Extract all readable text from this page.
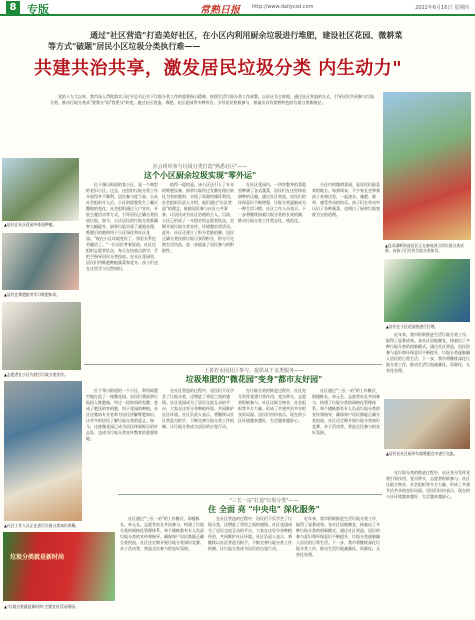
8 专版	常熟日报 http://www.dailycsd.com	2022年6月16日 星期四
通过"社区营造"打造美好社区，在小区内利用厨余垃圾进行堆肥，建设社区花园、微耕菜
等方式"破题"居民小区垃圾分类执行难——
共建共治共享，激发居民垃圾分类 内生动力"
党的十九大以来，我市深入贯彻落实习近平总书记关于垃圾分类工作的重要指示精神，按照生活垃圾分类工作部署，以社区为主阵地，通过社区营造的方式，引导居民共同参与垃圾分类，推动垃圾分类从"要我分"向"我要分"转变。通过社区营造、堆肥、社区花园等多种形式，引导居民积极参与，探索出具有常熟特色的垃圾分类新路径。
▲昆承湖畔街道居民正在参观展示的垃圾分类成果，向孩子们宣传垃圾分类知识。
▲居民在社区花园中体验种植。
▲居民在堆肥箱旁学习堆肥知识。
▲志愿者在小区内进行垃圾分类宣传。
▲社区工作人员正在进行垃圾分类知识讲解。
垃圾分类就是新时尚
▲"垃圾分类就是新时尚"主题宣传活动现场。
社会组织参与垃圾分类打造"熟悉社区"——
这个小区厨余垃圾实现"零外运"
位于虞山街道的某小区，是一个典型的老旧小区。过去，这里的垃圾分类工作开展得并不顺利，居民参与度不高。自从社会组织介入后，小区的面貌发生了翻天覆地的变化。社会组织通过入户宣传、开展主题活动等方式，引导居民正确分类投放垃圾。如今，小区居民的垃圾分类准确率大幅提升，厨余垃圾实现了就地处理，堆肥后的肥料用于小区绿化和社区花园。"现在小区环境变好了，邻里关系也更融洽了。"一位居民笑着说道。社区还组织志愿者队伍，每天在投放点值守，手把手指导居民分类投放。在社区花园里，居民们用堆肥种植蔬菜和花卉，孩子们也在这里学习自然知识。
值得一提的是，该小区还引入了专业的堆肥设备，厨余垃圾经过发酵处理后转化为有机肥料，实现了资源的循环利用。社会组织负责人介绍，他们通过"社区营造"的理念，鼓励居民参与社区公共事务，让居民成为社区治理的主人。目前，小区已形成了一支稳定的志愿者队伍，定期开展垃圾分类宣传、环境整治等活动。此外，社区还建立了积分奖励机制，居民正确分类投放垃圾可获得积分，积分可兑换生活用品，进一步提高了居民参与的积极性。
在社区花园内，一块块整齐的菜地里种满了各式蔬菜，居民们在这里体验耕种的乐趣。通过社区营造，居民们的环保意识不断增强，垃圾分类逐渐成为一种生活习惯。社区工作人员表示，下一步将继续探索垃圾分类的长效机制，推动垃圾分类工作常态化、规范化。
小区内的微耕菜园，是居民们最喜欢的地方。每到周末，不少家长会带着孩子来到这里，一起浇水、施肥、除草，感受劳动的快乐。孩子们在劳动中认识了各种蔬菜，也明白了厨余垃圾变废为宝的道理。
上善若水园社区参与，提供从干支类服务——
垃圾堆肥的"微花园"变身"都市友好园"
位于琴川街道的一个小区，利用闲置空地打造了一座微花园。居民们将厨余垃圾投入堆肥箱，经过一段时间的发酵，变成了肥沃的有机肥，用于花园的种植。社区还邀请专业老师为居民讲解堆肥知识，让更多的居民了解垃圾分类的意义。如今，这座微花园已成为居民休闲娱乐的好去处，也成为垃圾分类宣传教育的重要阵地。
在社区营造的过程中，居民们不仅学会了垃圾分类，还增进了邻里之间的感情。社区花园成为了居民交流互动的平台，大家在这里分享种植经验，共同维护社区环境。社区负责人表示，将继续以社区营造为抓手，不断完善垃圾分类工作机制，让垃圾分类成为居民的自觉行动。
在垃圾分类的推进过程中，社区充分发挥党建引领作用，党员带头，志愿者积极参与。社区还联合物业、社会组织等多方力量，形成了共建共治共享的良好局面。居民们纷纷表示，现在的小区环境越来越好，生活越来越舒心。
社区通过"三长一站"的工作模式，即楼栋长、单元长、志愿者站长共同参与，构建了垃圾分类的网格化管理体系。每个楼栋都有专人负责垃圾分类的宣传和指导，确保每户居民都能正确分类投放。社区还定期开展垃圾分类知识竞赛、亲子活动等，营造全民参与的良好氛围。
▲居民在小区花园里进行打理。
近年来，我市积极推进生活垃圾分类工作，取得了显著成效。各社区因地制宜，探索出了多种垃圾分类的创新模式。通过社区营造，居民的参与意识和环保意识不断提升，垃圾分类逐渐融入居民的日常生活。下一步，我市将继续深化垃圾分类工作，推动生活垃圾减量化、资源化、无害化处理。
▲居民在社区厨余垃圾堆肥点中进行交流。
"三长一站"打造"垃圾分类"——
住 全面 亮 "中央电" 深化服务"
社区通过"三长一站"的工作模式，即楼栋长、单元长、志愿者站长共同参与，构建了垃圾分类的网格化管理体系。每个楼栋都有专人负责垃圾分类的宣传和指导，确保每户居民都能正确分类投放。社区还定期开展垃圾分类知识竞赛、亲子活动等，营造全民参与的良好氛围。
在社区营造的过程中，居民们不仅学会了垃圾分类，还增进了邻里之间的感情。社区花园成为了居民交流互动的平台，大家在这里分享种植经验，共同维护社区环境。社区负责人表示，将继续以社区营造为抓手，不断完善垃圾分类工作机制，让垃圾分类成为居民的自觉行动。
近年来，我市积极推进生活垃圾分类工作，取得了显著成效。各社区因地制宜，探索出了多种垃圾分类的创新模式。通过社区营造，居民的参与意识和环保意识不断提升，垃圾分类逐渐融入居民的日常生活。下一步，我市将继续深化垃圾分类工作，推动生活垃圾减量化、资源化、无害化处理。
在垃圾分类的推进过程中，社区充分发挥党建引领作用，党员带头，志愿者积极参与。社区还联合物业、社会组织等多方力量，形成了共建共治共享的良好局面。居民们纷纷表示，现在的小区环境越来越好，生活越来越舒心。
